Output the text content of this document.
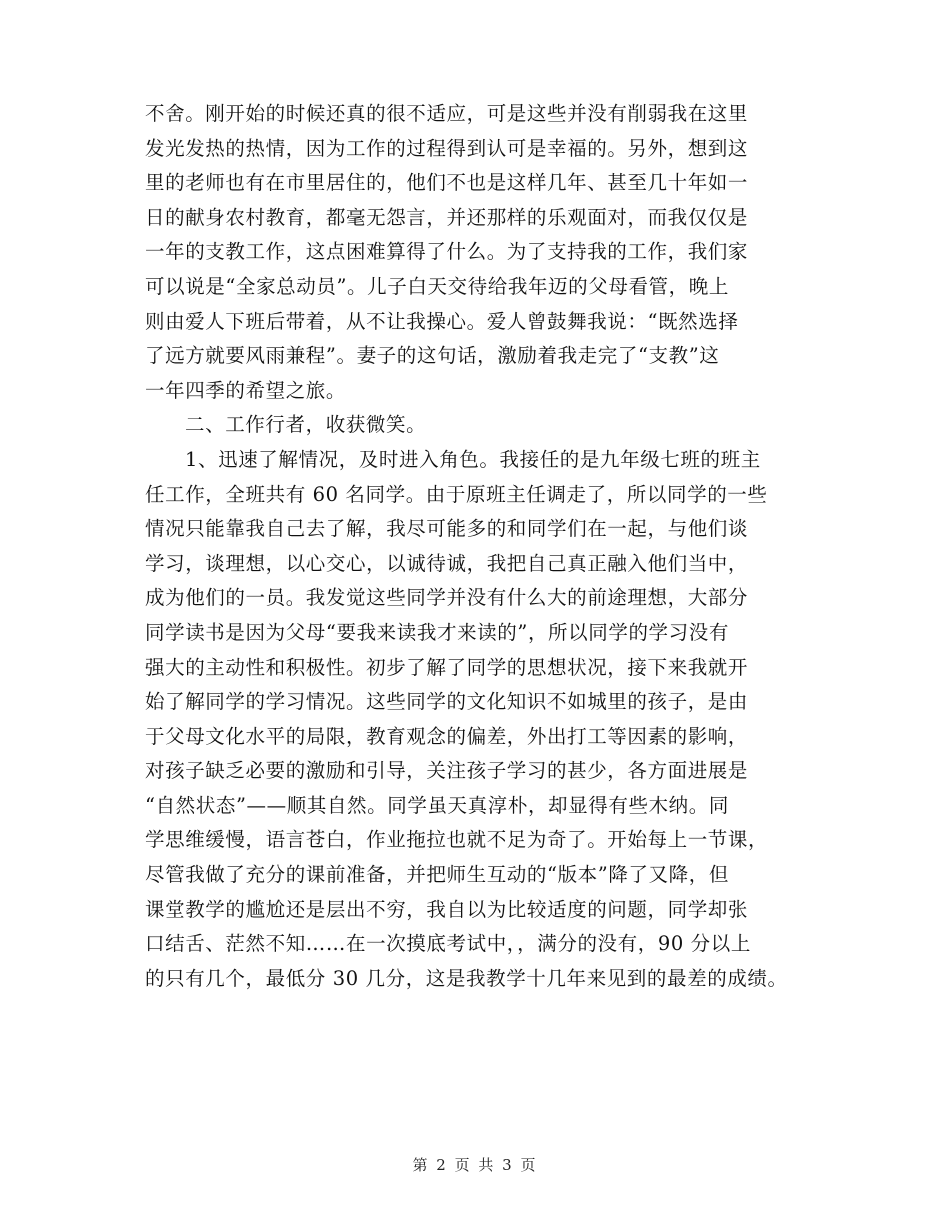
不舍。刚开始的时候还真的很不适应，可是这些并没有削弱我在这里
发光发热的热情，因为工作的过程得到认可是幸福的。另外，想到这
里的老师也有在市里居住的，他们不也是这样几年、甚至几十年如一
日的献身农村教育，都毫无怨言，并还那样的乐观面对，而我仅仅是
一年的支教工作，这点困难算得了什么。为了支持我的工作，我们家
可以说是“全家总动员”。儿子白天交待给我年迈的父母看管，晚上
则由爱人下班后带着，从不让我操心。爱人曾鼓舞我说：“既然选择
了远方就要风雨兼程”。妻子的这句话，激励着我走完了“支教”这
一年四季的希望之旅。
二、工作行者，收获微笑。
1、迅速了解情况，及时进入角色。我接任的是九年级七班的班主
任工作，全班共有 60 名同学。由于原班主任调走了，所以同学的一些
情况只能靠我自己去了解，我尽可能多的和同学们在一起，与他们谈
学习，谈理想，以心交心，以诚待诚，我把自己真正融入他们当中，
成为他们的一员。我发觉这些同学并没有什么大的前途理想，大部分
同学读书是因为父母“要我来读我才来读的”，所以同学的学习没有
强大的主动性和积极性。初步了解了同学的思想状况，接下来我就开
始了解同学的学习情况。这些同学的文化知识不如城里的孩子，是由
于父母文化水平的局限，教育观念的偏差，外出打工等因素的影响，
对孩子缺乏必要的激励和引导，关注孩子学习的甚少，各方面进展是
“自然状态”——顺其自然。同学虽天真淳朴，却显得有些木纳。同
学思维缓慢，语言苍白，作业拖拉也就不足为奇了。开始每上一节课，
尽管我做了充分的课前准备，并把师生互动的“版本”降了又降，但
课堂教学的尴尬还是层出不穷，我自以为比较适度的问题，同学却张
口结舌、茫然不知……在一次摸底考试中，，满分的没有，90 分以上
的只有几个，最低分 30 几分，这是我教学十几年来见到的最差的成绩。
第 2 页 共 3 页
